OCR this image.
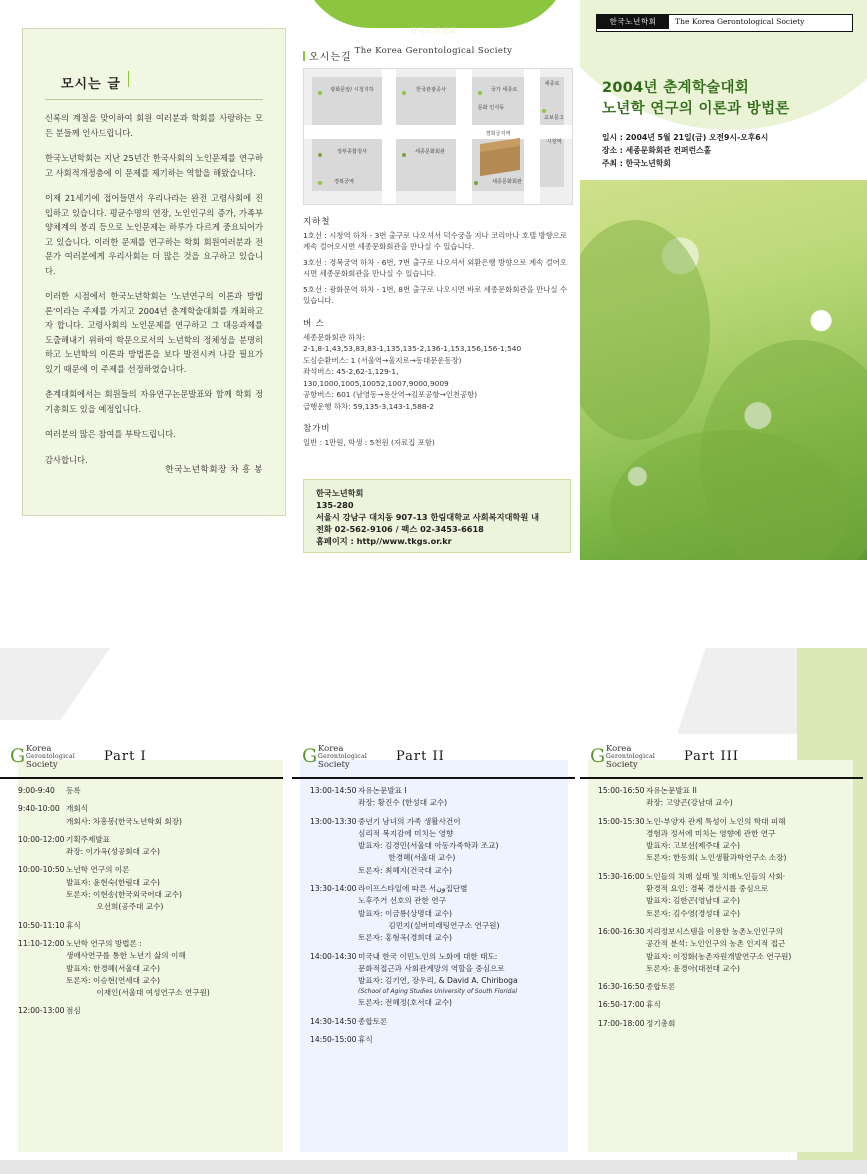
한국노년학회
The Korea Gerontological Society
모시는 글

신록의 계절을 맞이하여 회원 여러분과 학회를 사랑하는 모든 분들께 인사드립니다.

한국노년학회는 지난 25년간 한국사회의 노인문제를 연구하고 사회적개정층에 이 문제를 제기하는 역할을 해왔습니다.

이제 21세기에 접어들면서 우리나라는 완전 고령사회에 진입하고 있습니다. 평균수명의 연장, 노인인구의 증가, 가족부양체계의 붕괴 등으로 노인문제는 하루가 다르게 중요되어가고 있습니다. 이러한 문제를 연구하는 학회 회원여러분과 전문가 여러분에게 우리사회는 더 많은 것을 요구하고 있습니다.

이러한 시점에서 한국노년학회는 '노년연구의 이론과 방법론'이라는 주제를 가지고 2004년 춘계학술대회를 개최하고자 합니다. 고령사회의 노인문제를 연구하고 그 대응과제를 도출해내기 위하여 학문으로서의 노년학의 정체성을 분명히 하고 노년학의 이론과 방법론을 보다 발전시켜 나갈 필요가 있기 때문에 이 주제를 선정하였습니다.

춘계대회에서는 회원들의 자유연구논문발표와 함께 학회 정기총회도 있을 예정입니다.

여러분의 많은 참여를 부탁드립니다.

감사합니다.

한국노년학회장 차 흥 봉
오시는길
광화문앞/ 시청지하	한국관광공사	국가 세종로
교보문고
시청역
세종로
정부종합청사	세종문화회관
경희궁지역
문화 인사동
경복궁역	세종문화회관
지하철
1호선 : 시청역 하차 - 3번 출구로 나오셔서 덕수궁을 지나 코리아나 호텔 방향으로 계속 걸어오시면 세종문화회관을 만나실 수 있습니다.
3호선 : 경복궁역 하차 - 6번, 7번 출구로 나오셔서 외환은행 방향으로 계속 걸어오시면 세종문화회관을 만나실 수 있습니다.
5호선 : 광화문역 하차 - 1번, 8번 출구로 나오시면 바로 세종문화회관을 만나실 수 있습니다.
버 스
세종문화회관 하차:
2-1,8-1,43,53,83,83-1,135,135-2,136-1,153,156,156-1,540
도심순환버스: 1 (서울역→울지로→동대문운동장)
좌석버스: 45-2,62-1,129-1,
130,1000,1005,10052,1007,9000,9009
공항버스: 601 (남영동→용산역→김포공항→인천공항)
급행운행 하차: 59,135-3,143-1,588-2
참가비
일반 : 1만원, 학생 : 5천원 (자료집 포함)
한국노년학회
135-280
서울시 강남구 대치동 907-13 한림대학교 사회복지대학원 내
전화 02-562-9106 / 팩스 02-3453-6618
홈페이지 : http//www.tkgs.or.kr
한국노년학회	The Korea Gerontological Society
2004년 춘계학술대회
노년학 연구의 이론과 방법론
일시 : 2004년 5월 21일(금) 오전9시-오후6시
장소 : 세종문화회관 컨퍼런스홀
주최 : 한국노년학회
G Korea
Gerontological
Society
Part I
9:00-9:40	등록
9:40-10:00 개회식
개회사: 차흥봉(한국노년학회 회장)
10:00-12:00 기획주제발표
좌장: 이가옥(성공회대 교수)
10:00-10:50 노년학 연구의 이론
발표자: 윤현숙(한림대 교수)
토론자: 이현송(한국외국어대 교수)
　　　　오선희(공주대 교수)
10:50-11:10 휴식
11:10-12:00 노년학 연구의 방법론 :
생애사연구를 통한 노년기 삶의 이해
발표자: 한경혜(서울대 교수)
토론자: 이승현(연세대 교수)
　　　　이재인(서울대 여성연구소 연구원)
12:00-13:00 점심
G Korea
Gerontological
Society
Part II
13:00-14:50 자유논문발표 I
좌장: 황진수 (한성대 교수)
13:00-13:30 중년기 남녀의 가족 생활사건이
심리적 복지감에 미치는 영향
발표자: 김경민(서울대 아동가족학과 조교)
　　　　한경혜(서울대 교수)
토론자: 최혜지(건국대 교수)
13:30-14:00 라이프스타일에 따른 서ون집단별
노후주거 선호의 관한 연구
발표자: 이금룡(상명대 교수)
　　　　김민지(실버미래팅연구소 연구원)
토론자: 홍형옥(경희대 교수)
14:00-14:30 미국내 한국 이민노인의 노화에 대한 태도:
문화적접근과 사회관계망의 역할을 중심으로
발표자: 김기연, 장우리, & David A. Chiriboga
(School of Aging Studies University of South Florida)
토론자: 전혜정(호서대 교수)
14:30-14:50 종합토론
14:50-15:00 휴식
G Korea
Gerontological
Society
Part III
15:00-16:50 자유논문발표 II
좌장: 고양곤(강남대 교수)
15:00-15:30 노인-부양자 관계 특성이 노인의 학대 피해
경험과 정서에 미치는 영향에 관한 연구
발표자: 고보선(제주대 교수)
토론자: 한동희( 노인생활과학연구소 소장)
15:30-16:00 노인들의 치매 실태 및 치매노인들의 사회·
환경적 요인: 경북 경산시를 중심으로
발표자: 김한곤(영남대 교수)
토론자: 김수영(경성대 교수)
16:00-16:30 지리정보시스템을 이용한 농촌노인인구의
공간적 분석: 노인인구의 농촌 인지적 접근
발표자: 이정화(농촌자원개발연구소 연구원)
토론자: 윤경아(대전대 교수)
16:30-16:50 종합토론
16:50-17:00 휴식
17:00-18:00 정기총회
